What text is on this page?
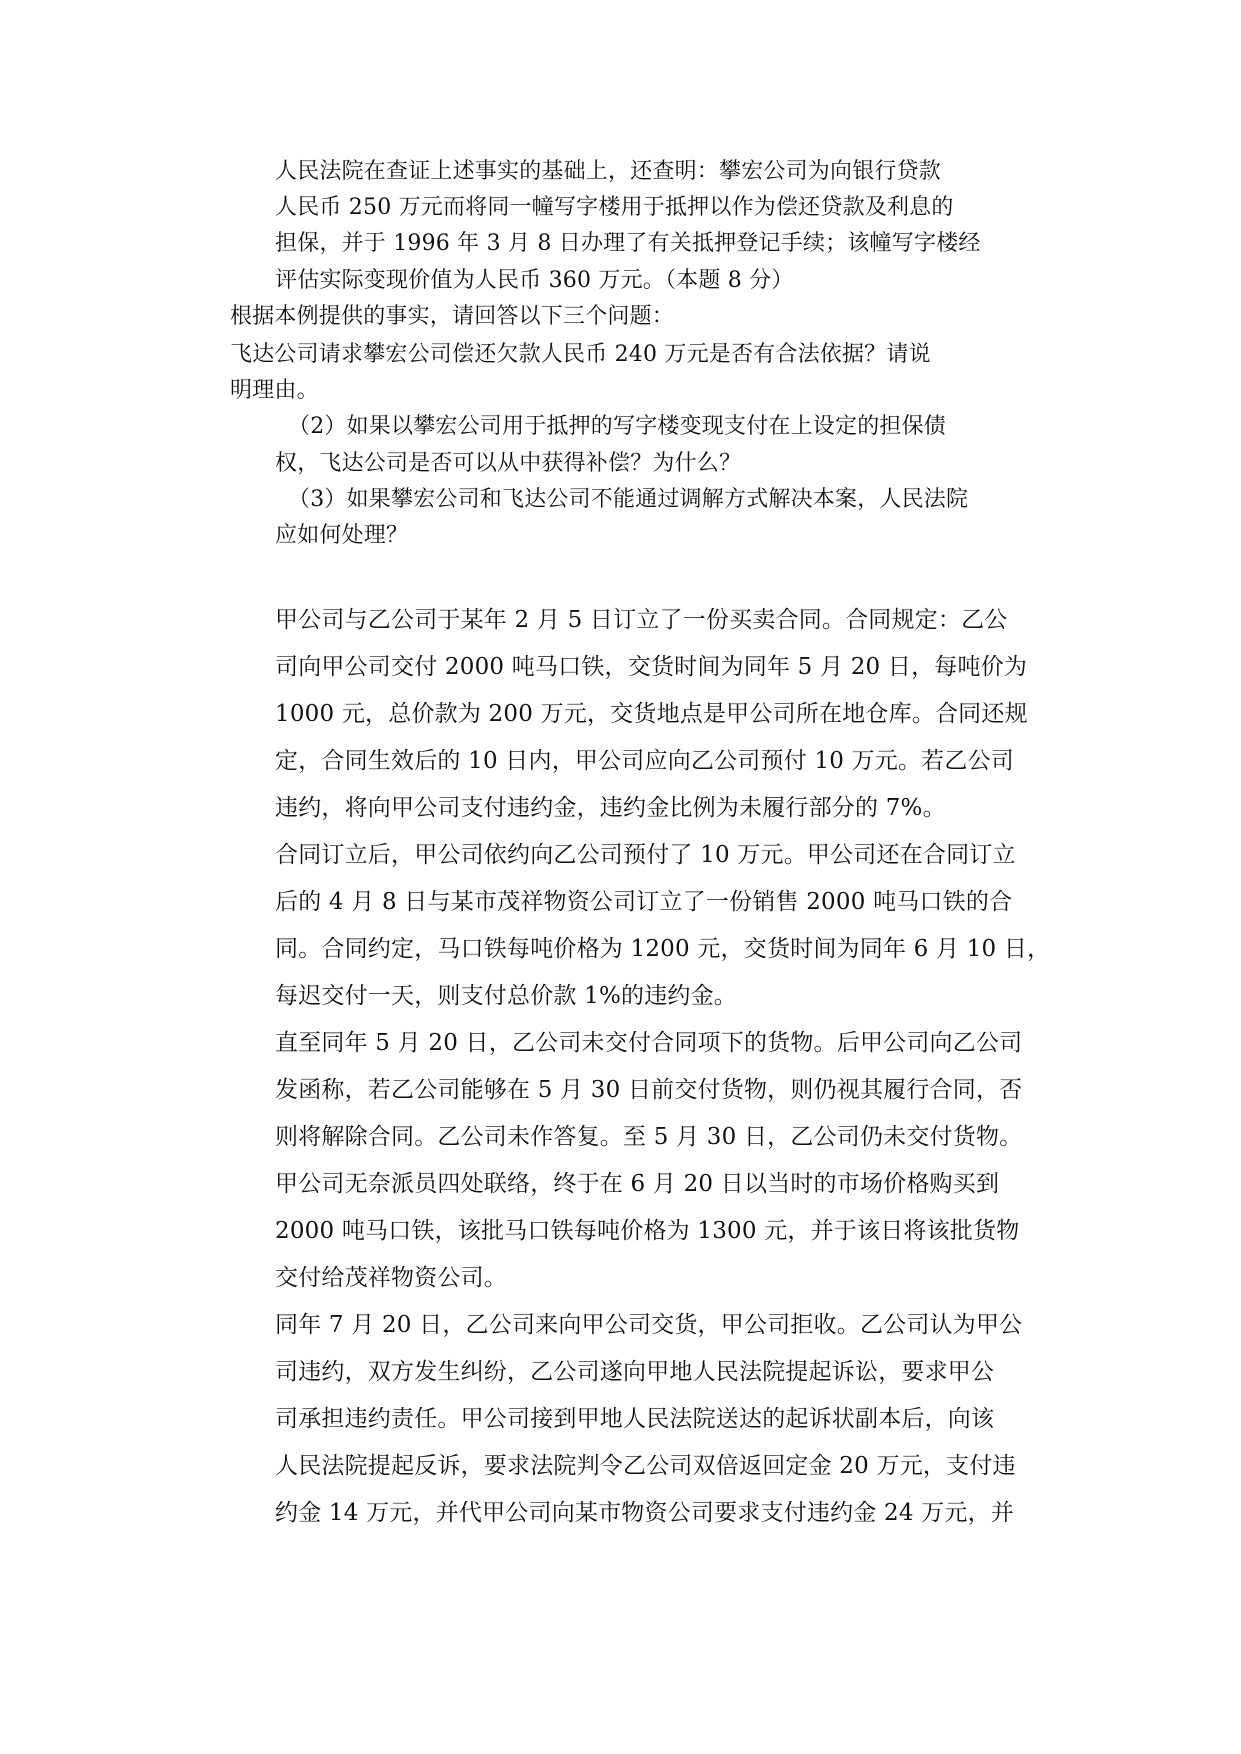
人民法院在查证上述事实的基础上，还查明：攀宏公司为向银行贷款
人民币 250 万元而将同一幢写字楼用于抵押以作为偿还贷款及利息的
担保，并于 1996 年 3 月 8 日办理了有关抵押登记手续；该幢写字楼经
评估实际变现价值为人民币 360 万元。（本题 8 分）
根据本例提供的事实，请回答以下三个问题：
飞达公司请求攀宏公司偿还欠款人民币 240 万元是否有合法依据？请说
明理由。
（2）如果以攀宏公司用于抵押的写字楼变现支付在上设定的担保债
权，飞达公司是否可以从中获得补偿？为什么？
（3）如果攀宏公司和飞达公司不能通过调解方式解决本案，人民法院
应如何处理？
甲公司与乙公司于某年 2 月 5 日订立了一份买卖合同。合同规定：乙公
司向甲公司交付 2000 吨马口铁，交货时间为同年 5 月 20 日，每吨价为
1000 元，总价款为 200 万元，交货地点是甲公司所在地仓库。合同还规
定，合同生效后的 10 日内，甲公司应向乙公司预付 10 万元。若乙公司
违约，将向甲公司支付违约金，违约金比例为未履行部分的 7%。
合同订立后，甲公司依约向乙公司预付了 10 万元。甲公司还在合同订立
后的 4 月 8 日与某市茂祥物资公司订立了一份销售 2000 吨马口铁的合
同。合同约定，马口铁每吨价格为 1200 元，交货时间为同年 6 月 10 日，
每迟交付一天，则支付总价款 1%的违约金。
直至同年 5 月 20 日，乙公司未交付合同项下的货物。后甲公司向乙公司
发函称，若乙公司能够在 5 月 30 日前交付货物，则仍视其履行合同，否
则将解除合同。乙公司未作答复。至 5 月 30 日，乙公司仍未交付货物。
甲公司无奈派员四处联络，终于在 6 月 20 日以当时的市场价格购买到
2000 吨马口铁，该批马口铁每吨价格为 1300 元，并于该日将该批货物
交付给茂祥物资公司。
同年 7 月 20 日，乙公司来向甲公司交货，甲公司拒收。乙公司认为甲公
司违约，双方发生纠纷，乙公司遂向甲地人民法院提起诉讼，要求甲公
司承担违约责任。甲公司接到甲地人民法院送达的起诉状副本后，向该
人民法院提起反诉，要求法院判令乙公司双倍返回定金 20 万元，支付违
约金 14 万元，并代甲公司向某市物资公司要求支付违约金 24 万元，并
